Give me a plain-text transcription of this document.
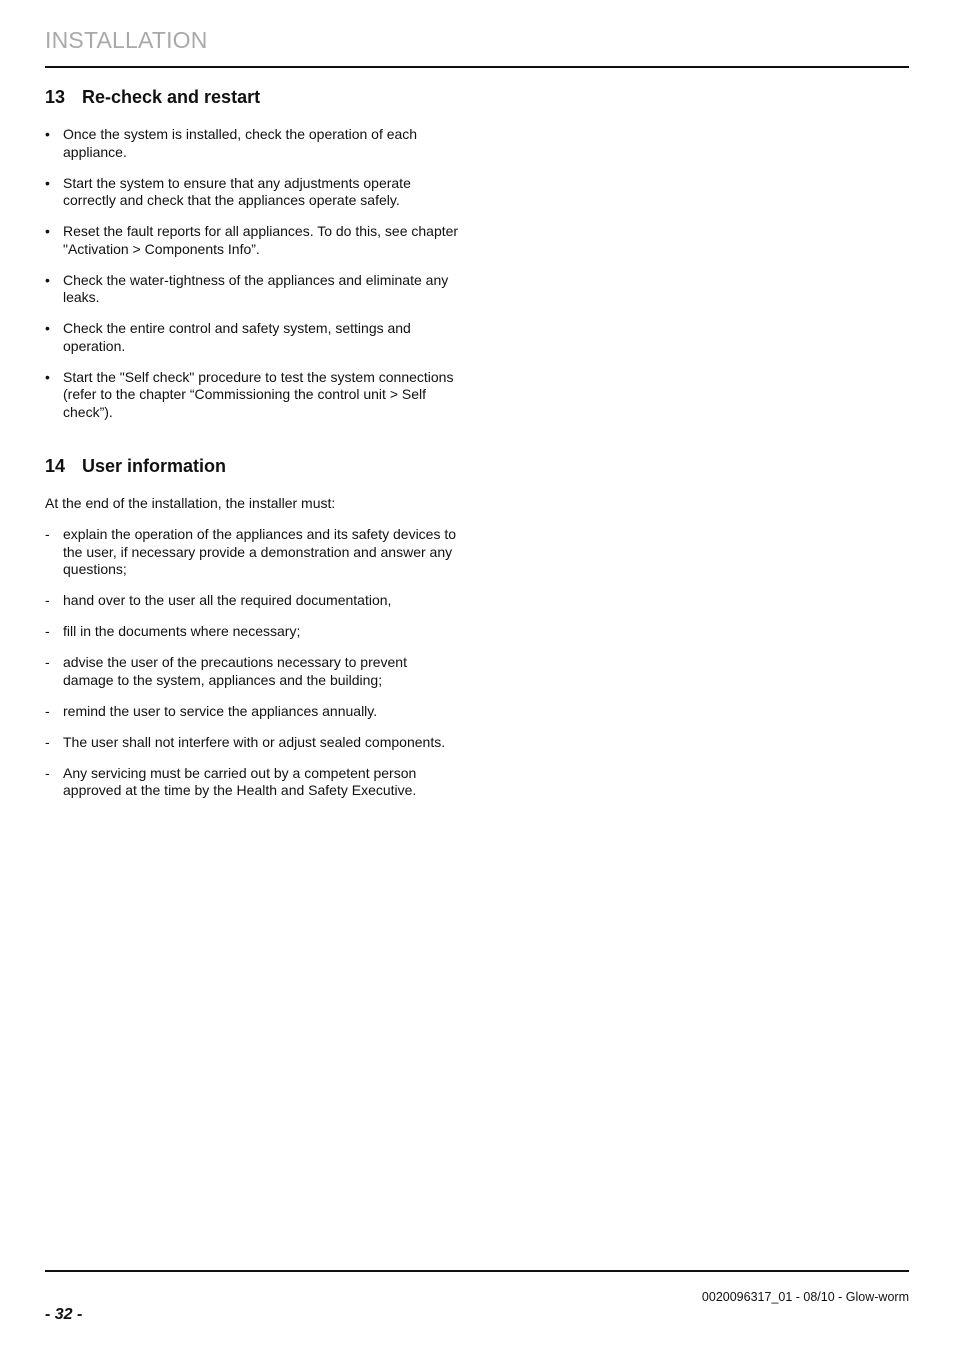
INSTALLATION
13 Re-check and restart
• Once the system is installed, check the operation of each appliance.
• Start the system to ensure that any adjustments operate correctly and check that the appliances operate safely.
• Reset the fault reports for all appliances. To do this, see chapter "Activation > Components Info”.
• Check the water-tightness of the appliances and eliminate any leaks.
• Check the entire control and safety system, settings and operation.
• Start the "Self check" procedure to test the system connections (refer to the chapter “Commissioning the control unit > Self check”).
14 User information

At the end of the installation, the installer must:

- explain the operation of the appliances and its safety devices to the user, if necessary provide a demonstration and answer any questions;
- hand over to the user all the required documentation,
- fill in the documents where necessary;
- advise the user of the precautions necessary to prevent damage to the system, appliances and the building;
- remind the user to service the appliances annually.
- The user shall not interfere with or adjust sealed components.
- Any servicing must be carried out by a competent person approved at the time by the Health and Safety Executive.
0020096317_01 - 08/10 - Glow-worm
- 32 -
